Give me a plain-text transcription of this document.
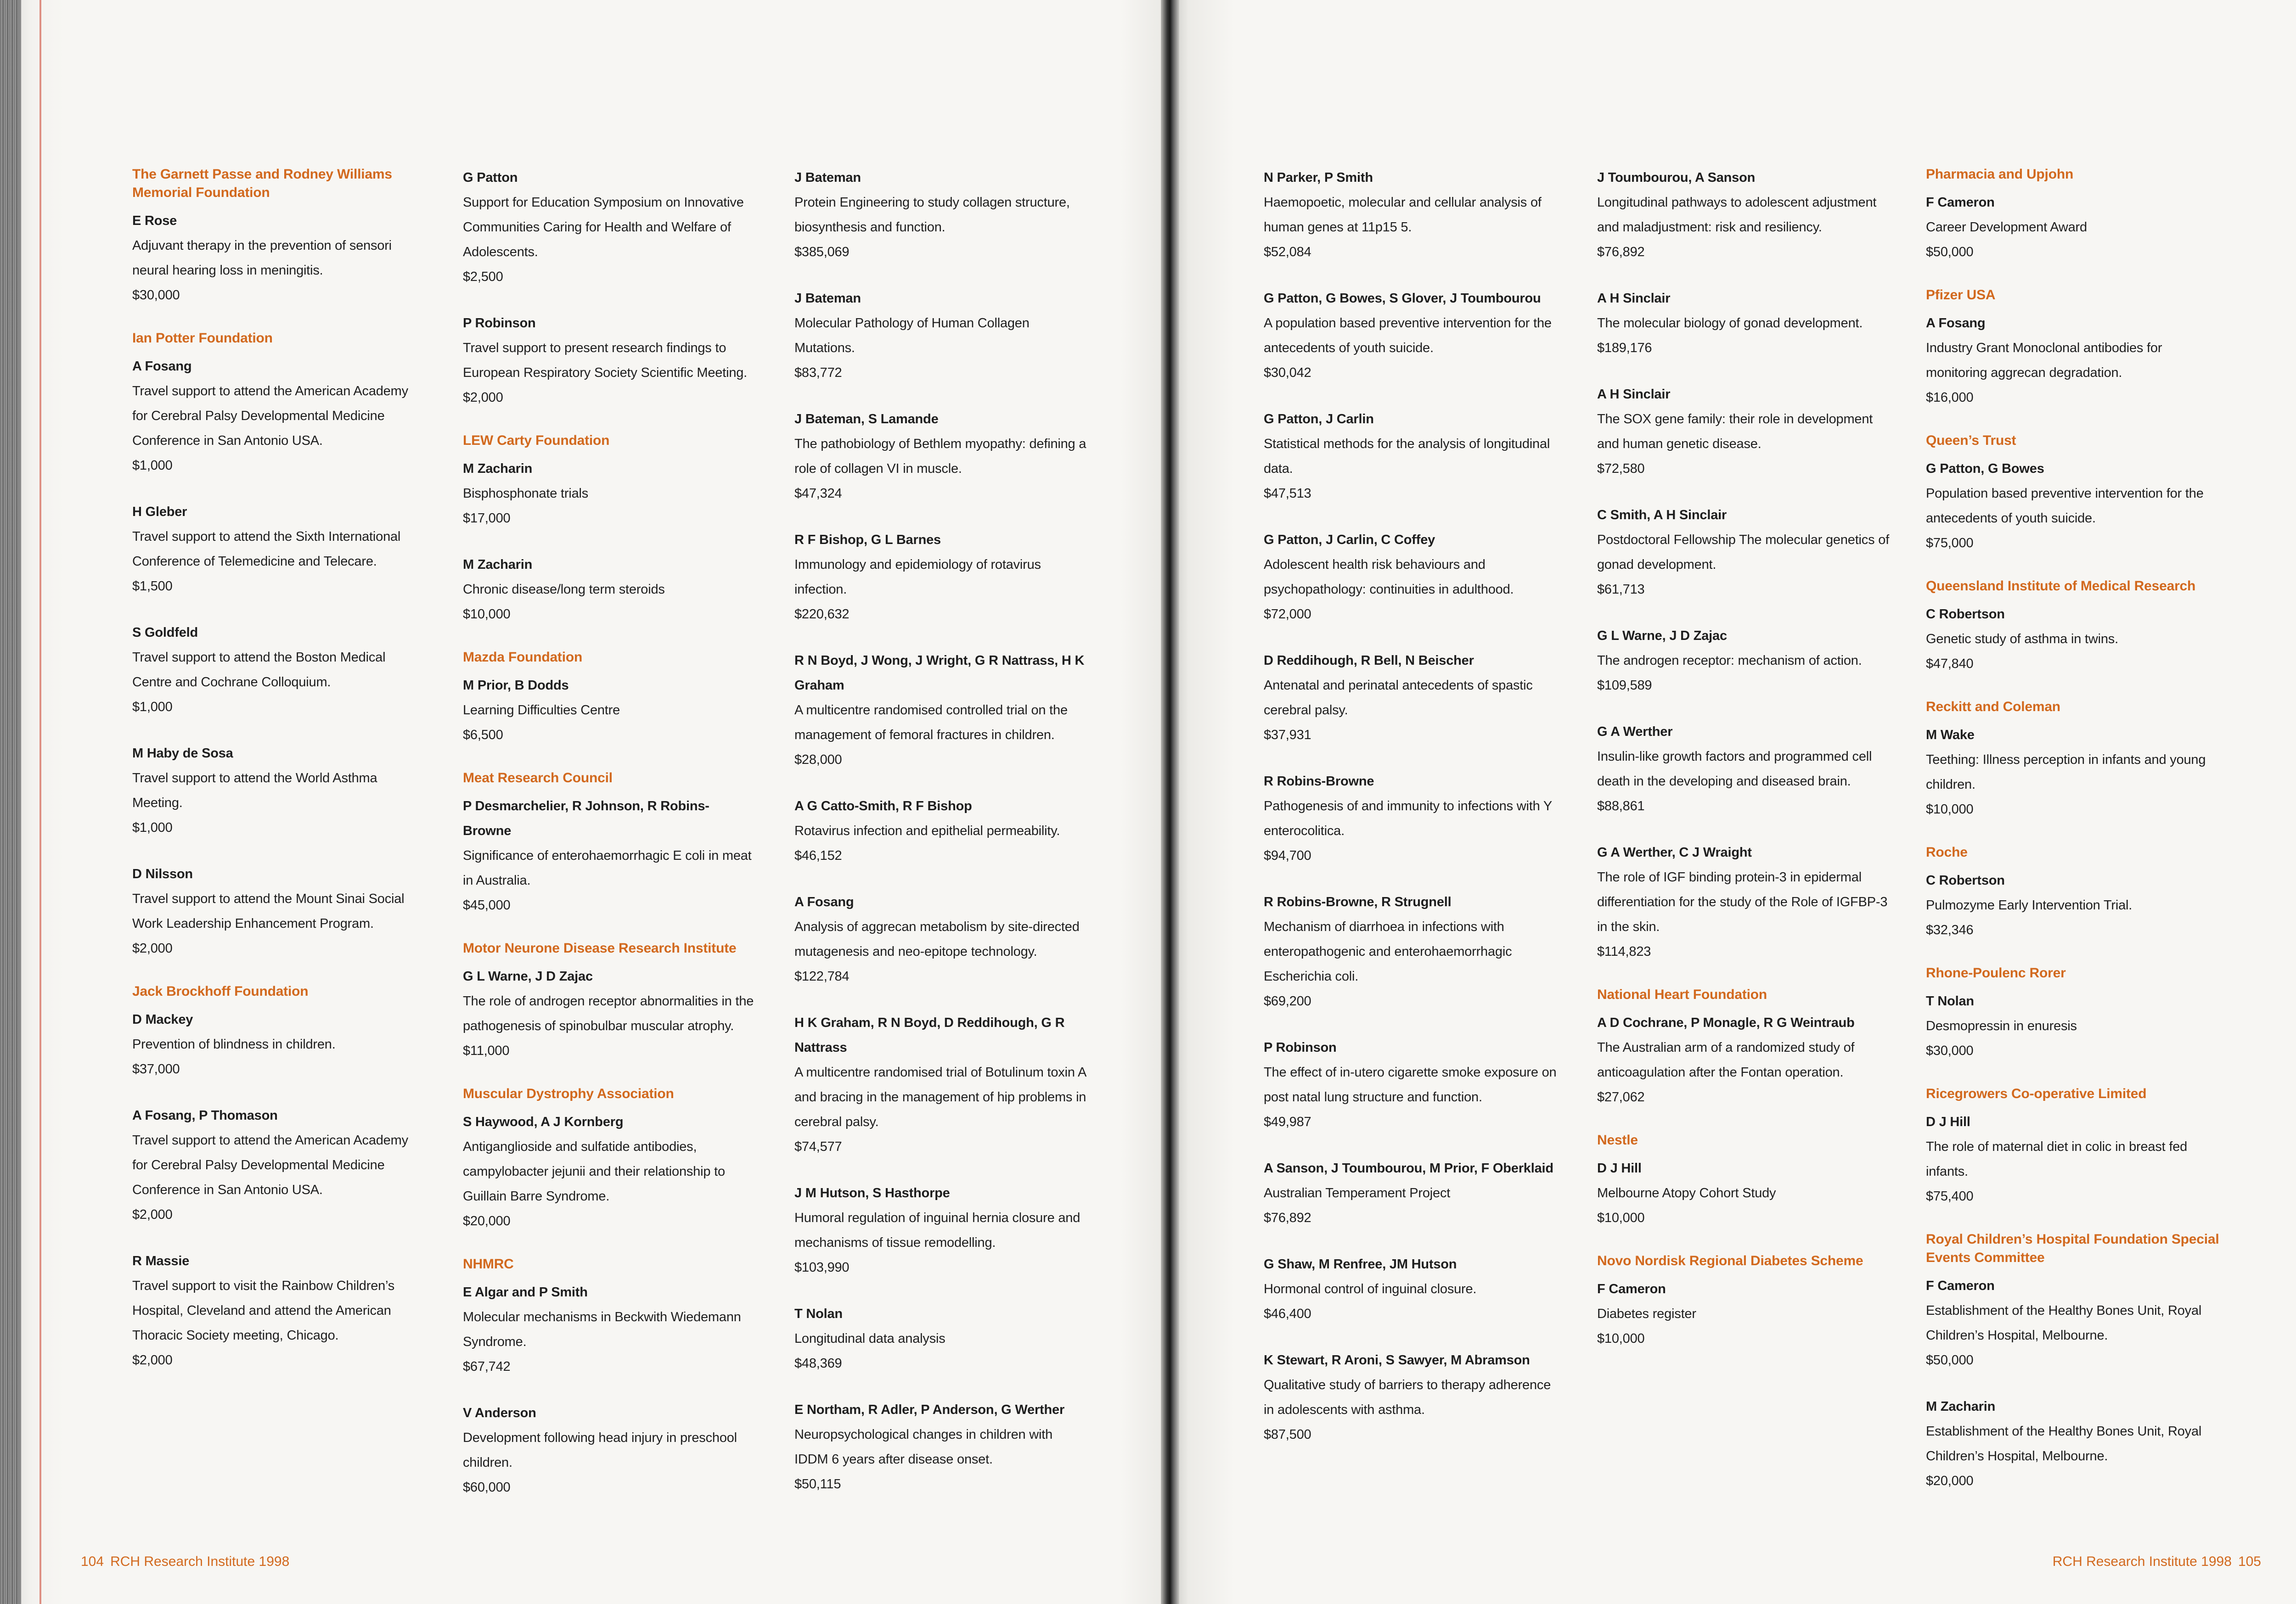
The Garnett Passe and Rodney Williams Memorial Foundation
E Rose
Adjuvant therapy in the prevention of sensori neural hearing loss in meningitis.
$30,000
Ian Potter Foundation
A Fosang
Travel support to attend the American Academy for Cerebral Palsy Developmental Medicine Conference in San Antonio USA.
$1,000
H Gleber
Travel support to attend the Sixth International Conference of Telemedicine and Telecare.
$1,500
S Goldfeld
Travel support to attend the Boston Medical Centre and Cochrane Colloquium.
$1,000
M Haby de Sosa
Travel support to attend the World Asthma Meeting.
$1,000
D Nilsson
Travel support to attend the Mount Sinai Social Work Leadership Enhancement Program.
$2,000
Jack Brockhoff Foundation
D Mackey
Prevention of blindness in children.
$37,000
A Fosang, P Thomason
Travel support to attend the American Academy for Cerebral Palsy Developmental Medicine Conference in San Antonio USA.
$2,000
R Massie
Travel support to visit the Rainbow Children’s Hospital, Cleveland and attend the American Thoracic Society meeting, Chicago.
$2,000
G Patton
Support for Education Symposium on Innovative Communities Caring for Health and Welfare of Adolescents.
$2,500
P Robinson
Travel support to present research findings to European Respiratory Society Scientific Meeting.
$2,000
LEW Carty Foundation
M Zacharin
Bisphosphonate trials
$17,000
M Zacharin
Chronic disease/long term steroids
$10,000
Mazda Foundation
M Prior, B Dodds
Learning Difficulties Centre
$6,500
Meat Research Council
P Desmarchelier, R Johnson, R Robins-Browne
Significance of enterohaemorrhagic E coli in meat in Australia.
$45,000
Motor Neurone Disease Research Institute
G L Warne, J D Zajac
The role of androgen receptor abnormalities in the pathogenesis of spinobulbar muscular atrophy.
$11,000
Muscular Dystrophy Association
S Haywood, A J Kornberg
Antiganglioside and sulfatide antibodies, campylobacter jejunii and their relationship to Guillain Barre Syndrome.
$20,000
NHMRC
E Algar and P Smith
Molecular mechanisms in Beckwith Wiedemann Syndrome.
$67,742
V Anderson
Development following head injury in preschool children.
$60,000
J Bateman
Protein Engineering to study collagen structure, biosynthesis and function.
$385,069
J Bateman
Molecular Pathology of Human Collagen Mutations.
$83,772
J Bateman, S Lamande
The pathobiology of Bethlem myopathy: defining a role of collagen VI in muscle.
$47,324
R F Bishop, G L Barnes
Immunology and epidemiology of rotavirus infection.
$220,632
R N Boyd, J Wong, J Wright, G R Nattrass, H K Graham
A multicentre randomised controlled trial on the management of femoral fractures in children.
$28,000
A G Catto-Smith, R F Bishop
Rotavirus infection and epithelial permeability.
$46,152
A Fosang
Analysis of aggrecan metabolism by site-directed mutagenesis and neo-epitope technology.
$122,784
H K Graham, R N Boyd, D Reddihough, G R Nattrass
A multicentre randomised trial of Botulinum toxin A and bracing in the management of hip problems in cerebral palsy.
$74,577
J M Hutson, S Hasthorpe
Humoral regulation of inguinal hernia closure and mechanisms of tissue remodelling.
$103,990
T Nolan
Longitudinal data analysis
$48,369
E Northam, R Adler, P Anderson, G Werther
Neuropsychological changes in children with IDDM 6 years after disease onset.
$50,115
104 RCH Research Institute 1998
N Parker, P Smith
Haemopoetic, molecular and cellular analysis of human genes at 11p15 5.
$52,084
G Patton, G Bowes, S Glover, J Toumbourou
A population based preventive intervention for the antecedents of youth suicide.
$30,042
G Patton, J Carlin
Statistical methods for the analysis of longitudinal data.
$47,513
G Patton, J Carlin, C Coffey
Adolescent health risk behaviours and psychopathology: continuities in adulthood.
$72,000
D Reddihough, R Bell, N Beischer
Antenatal and perinatal antecedents of spastic cerebral palsy.
$37,931
R Robins-Browne
Pathogenesis of and immunity to infections with Y enterocolitica.
$94,700
R Robins-Browne, R Strugnell
Mechanism of diarrhoea in infections with enteropathogenic and enterohaemorrhagic Escherichia coli.
$69,200
P Robinson
The effect of in-utero cigarette smoke exposure on post natal lung structure and function.
$49,987
A Sanson, J Toumbourou, M Prior, F Oberklaid
Australian Temperament Project
$76,892
G Shaw, M Renfree, JM Hutson
Hormonal control of inguinal closure.
$46,400
K Stewart, R Aroni, S Sawyer, M Abramson
Qualitative study of barriers to therapy adherence in adolescents with asthma.
$87,500
J Toumbourou, A Sanson
Longitudinal pathways to adolescent adjustment and maladjustment: risk and resiliency.
$76,892
A H Sinclair
The molecular biology of gonad development.
$189,176
A H Sinclair
The SOX gene family: their role in development and human genetic disease.
$72,580
C Smith, A H Sinclair
Postdoctoral Fellowship The molecular genetics of gonad development.
$61,713
G L Warne, J D Zajac
The androgen receptor: mechanism of action.
$109,589
G A Werther
Insulin-like growth factors and programmed cell death in the developing and diseased brain.
$88,861
G A Werther, C J Wraight
The role of IGF binding protein-3 in epidermal differentiation for the study of the Role of IGFBP-3 in the skin.
$114,823
National Heart Foundation
A D Cochrane, P Monagle, R G Weintraub
The Australian arm of a randomized study of anticoagulation after the Fontan operation.
$27,062
Nestle
D J Hill
Melbourne Atopy Cohort Study
$10,000
Novo Nordisk Regional Diabetes Scheme
F Cameron
Diabetes register
$10,000
Pharmacia and Upjohn
F Cameron
Career Development Award
$50,000
Pfizer USA
A Fosang
Industry Grant Monoclonal antibodies for monitoring aggrecan degradation.
$16,000
Queen’s Trust
G Patton, G Bowes
Population based preventive intervention for the antecedents of youth suicide.
$75,000
Queensland Institute of Medical Research
C Robertson
Genetic study of asthma in twins.
$47,840
Reckitt and Coleman
M Wake
Teething: Illness perception in infants and young children.
$10,000
Roche
C Robertson
Pulmozyme Early Intervention Trial.
$32,346
Rhone-Poulenc Rorer
T Nolan
Desmopressin in enuresis
$30,000
Ricegrowers Co-operative Limited
D J Hill
The role of maternal diet in colic in breast fed infants.
$75,400
Royal Children’s Hospital Foundation Special Events Committee
F Cameron
Establishment of the Healthy Bones Unit, Royal Children’s Hospital, Melbourne.
$50,000
M Zacharin
Establishment of the Healthy Bones Unit, Royal Children’s Hospital, Melbourne.
$20,000
RCH Research Institute 1998 105
